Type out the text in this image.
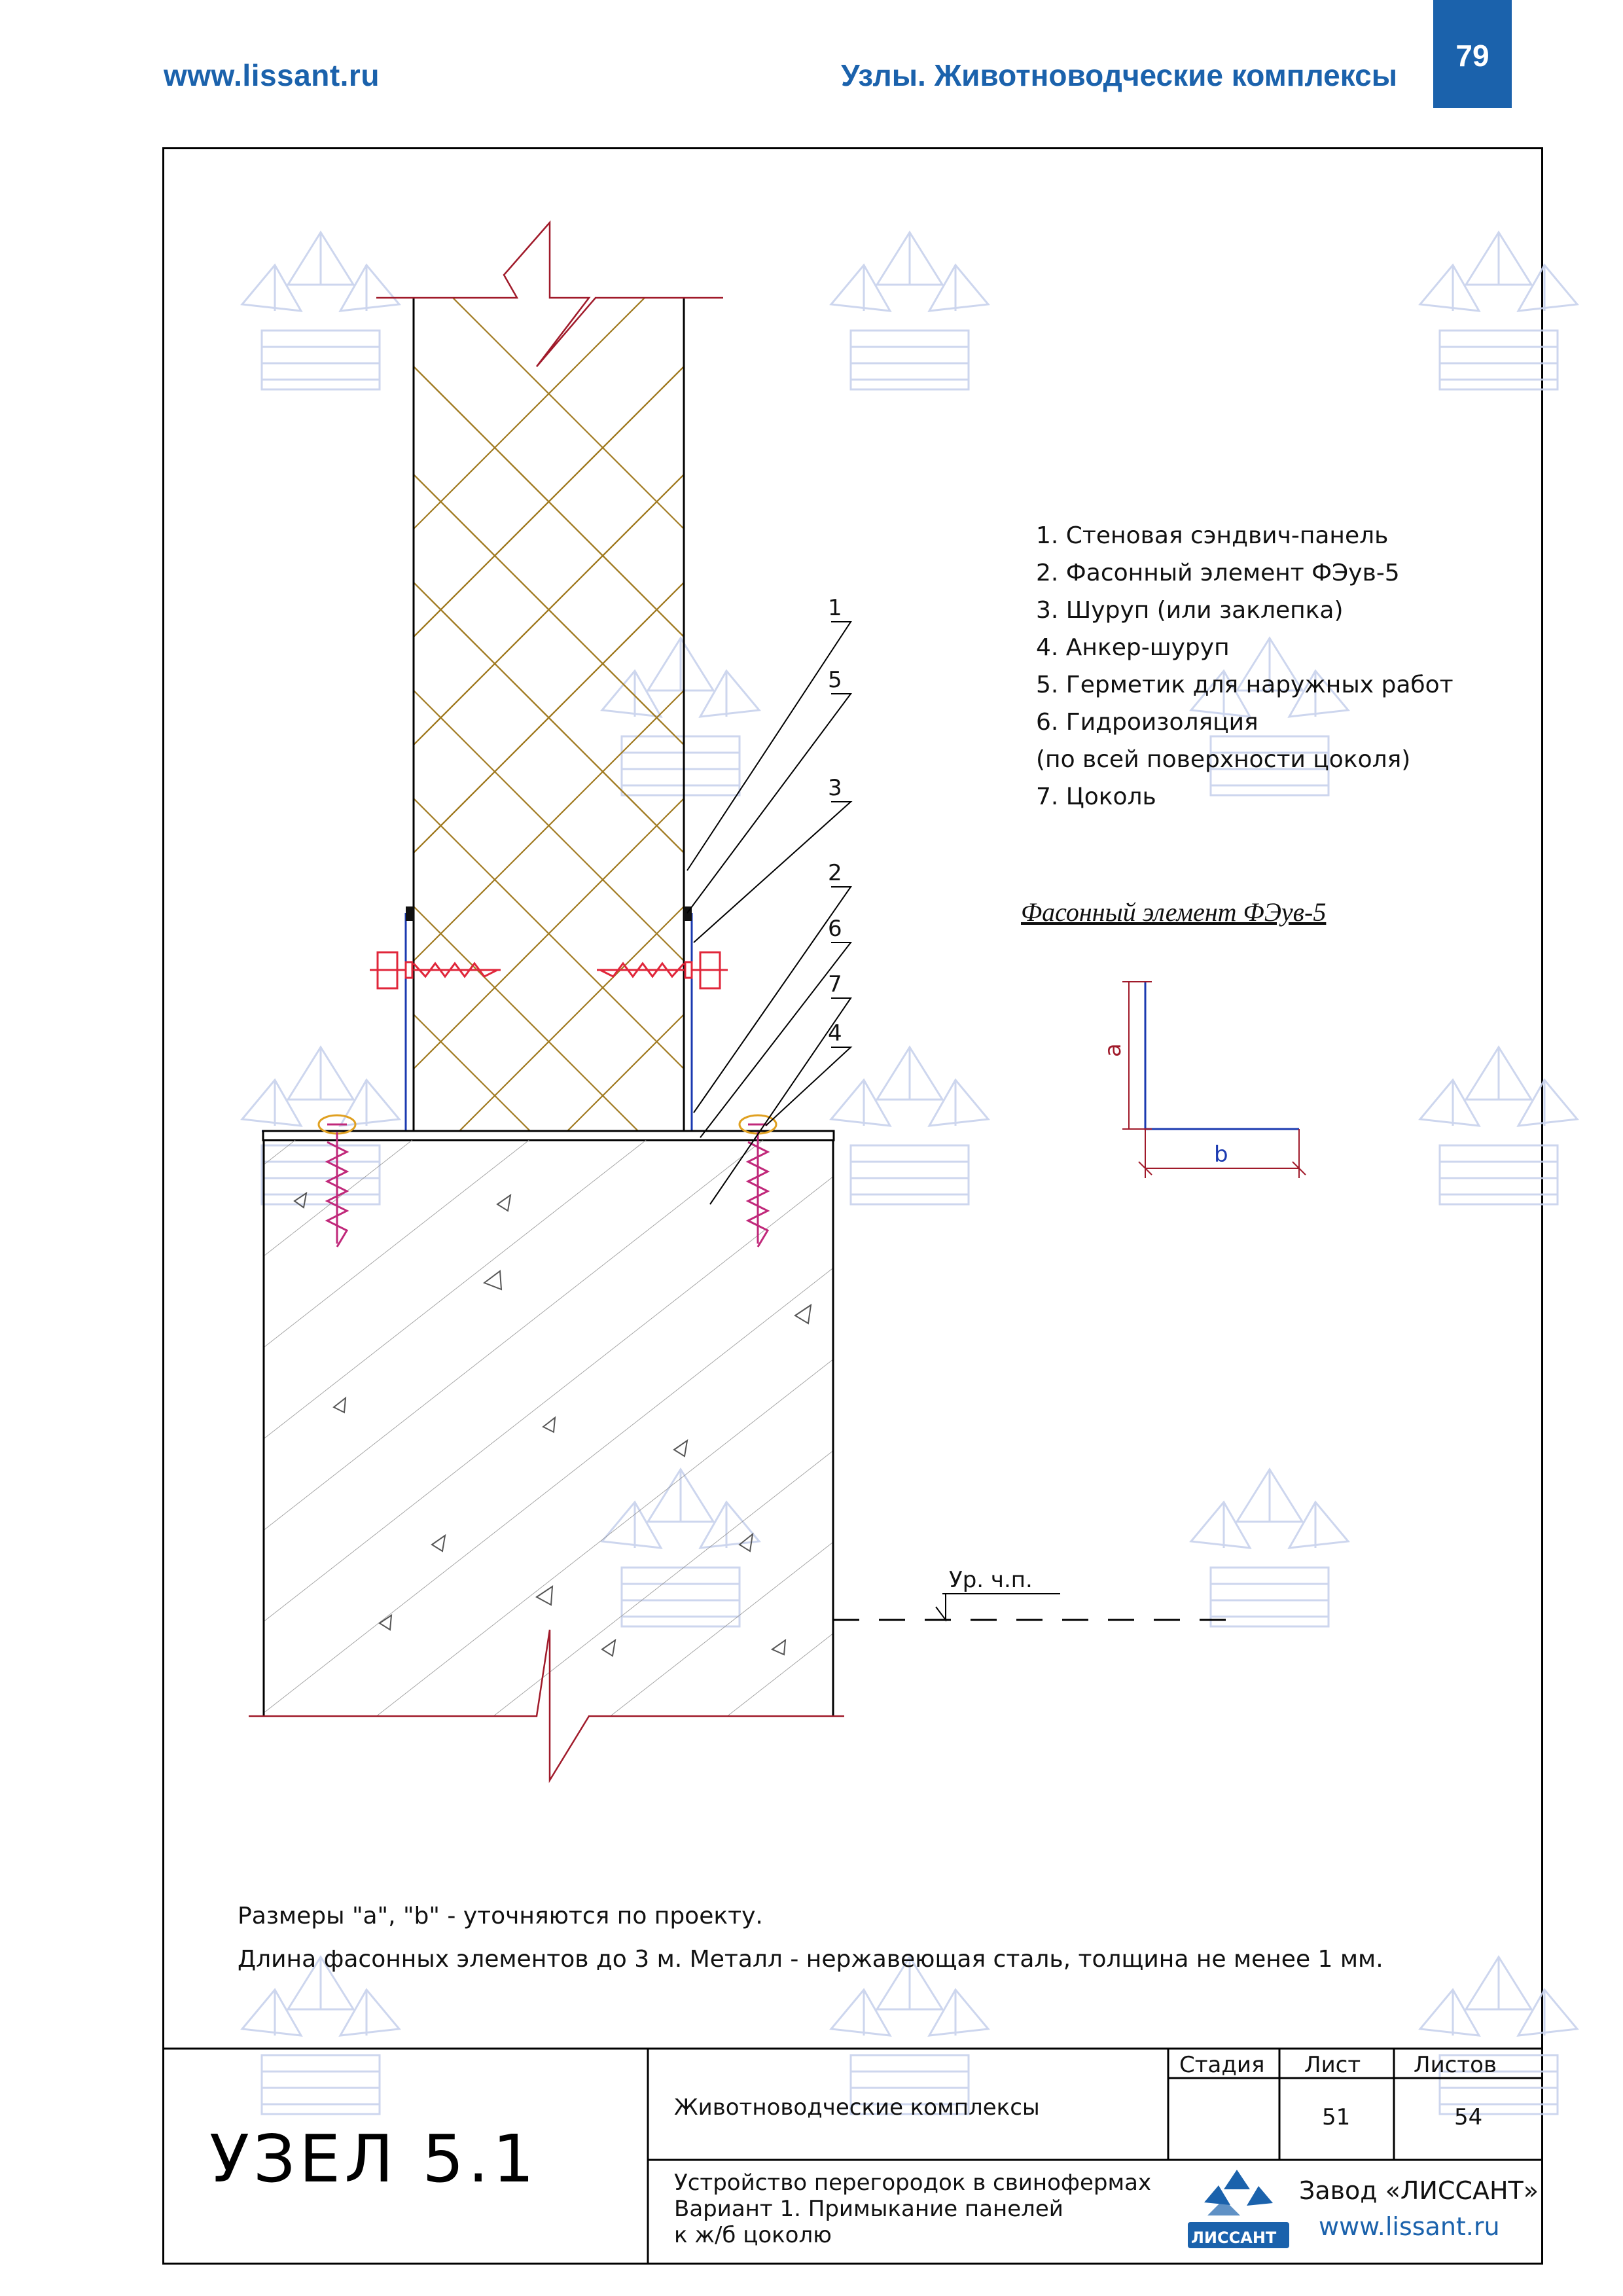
www.lissant.ru	Узлы. Животноводческие комплексы
79
1
5
3
2
6
7
4
Ур. ч.п.
a
b
ЛИССАНТ
1. Стеновая сэндвич-панель
2. Фасонный элемент ФЭув-5
3. Шуруп (или заклепка)
4. Анкер-шуруп
5. Герметик для наружных работ
6. Гидроизоляция
(по всей поверхности цоколя)
7. Цоколь
Фасонный элемент ФЭув-5
Размеры "a", "b" - уточняются по проекту.
Длина фасонных элементов до 3 м. Металл - нержавеющая сталь, толщина не менее 1 мм.
УЗЕЛ 5.1
Животноводческие комплексы
Устройство перегородок в свинофермах
Вариант 1. Примыкание панелей
к ж/б цоколю
Стадия Лист Листов
51	54
Завод «ЛИССАНТ»
www.lissant.ru
